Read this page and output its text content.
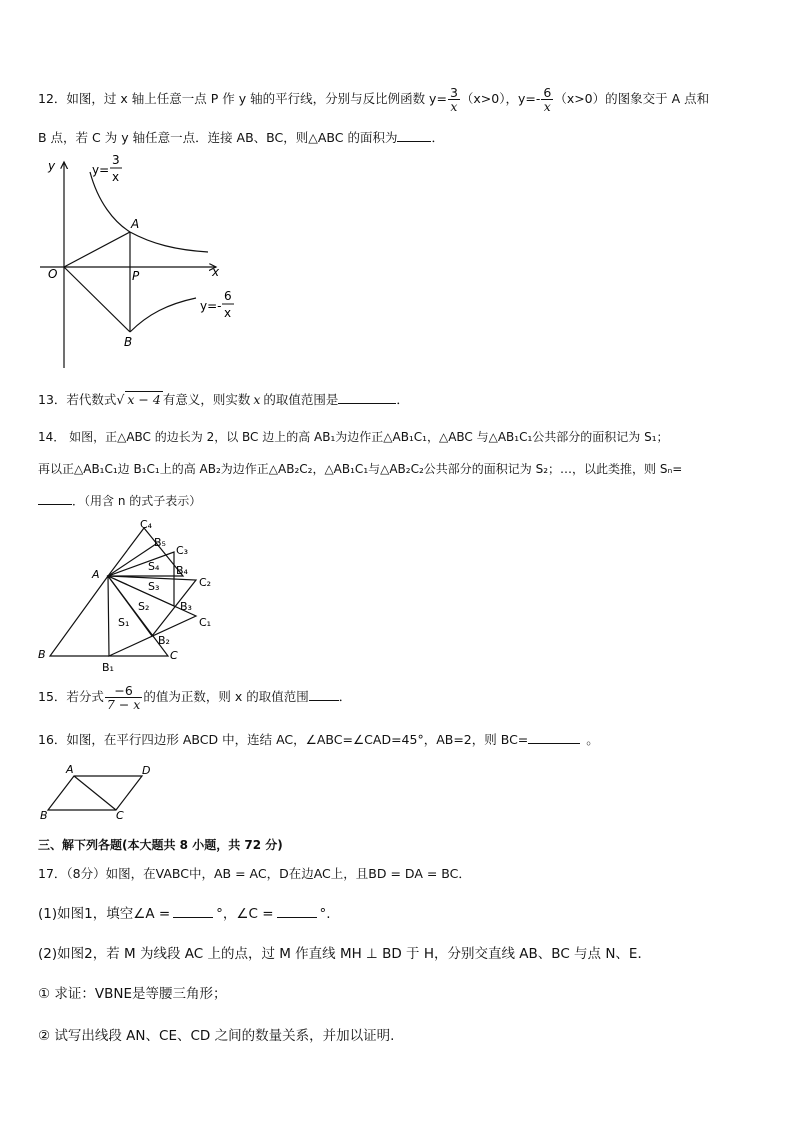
12．如图，过 x 轴上任意一点 P 作 y 轴的平行线，分别与反比例函数 $y= \frac{3}{x} (x>0)$，$y=- \frac{6}{x} (x>0)$的图象交于 A 点和
B 点，若 C 为 y 轴任意一点．连接 AB、BC，则△ABC 的面积为	．
y
x
O
A
P
B
y=
3
x
y=-
6
x
13．若代数式√ x − 4 有意义，则实数 x 的取值范围是	．
14． 如图，正△ABC 的边长为 2，以 BC 边上的高 AB₁为边作正△AB₁C₁，△ABC 与△AB₁C₁公共部分的面积记为 S₁；
再以正△AB₁C₁边 B₁C₁上的高 AB₂为边作正△AB₂C₂，△AB₁C₁与△AB₂C₂公共部分的面积记为 S₂；…，以此类推，则 Sₙ=
．（用含 n 的式子表示）
C₄
B₅
C₃
A
S₄ B₄
C₂
S₃
B₃
S₂
C₁
S₁
B₂
B	C
B₁
15．若分式 $\frac{-6}{7 - x}$ 的值为正数，则 x 的取值范围 ．
16．如图，在平行四边形 ABCD 中，连结 AC，∠ABC=∠CAD=45°，AB=2，则 BC=	。
A	D
B	C
三、解下列各题(本大题共 8 小题，共 72 分)
17．（8分）如图，在VABC中，AB = AC，D在边AC上，且BD = DA = BC．
(1)如图1，填空∠A =	°，∠C =	°.
(2)如图2，若 M 为线段 AC 上的点，过 M 作直线 MH ⊥ BD 于 H，分别交直线 AB、BC 与点 N、E．
① 求证：VBNE是等腰三角形；
② 试写出线段 AN、CE、CD 之间的数量关系，并加以证明.
